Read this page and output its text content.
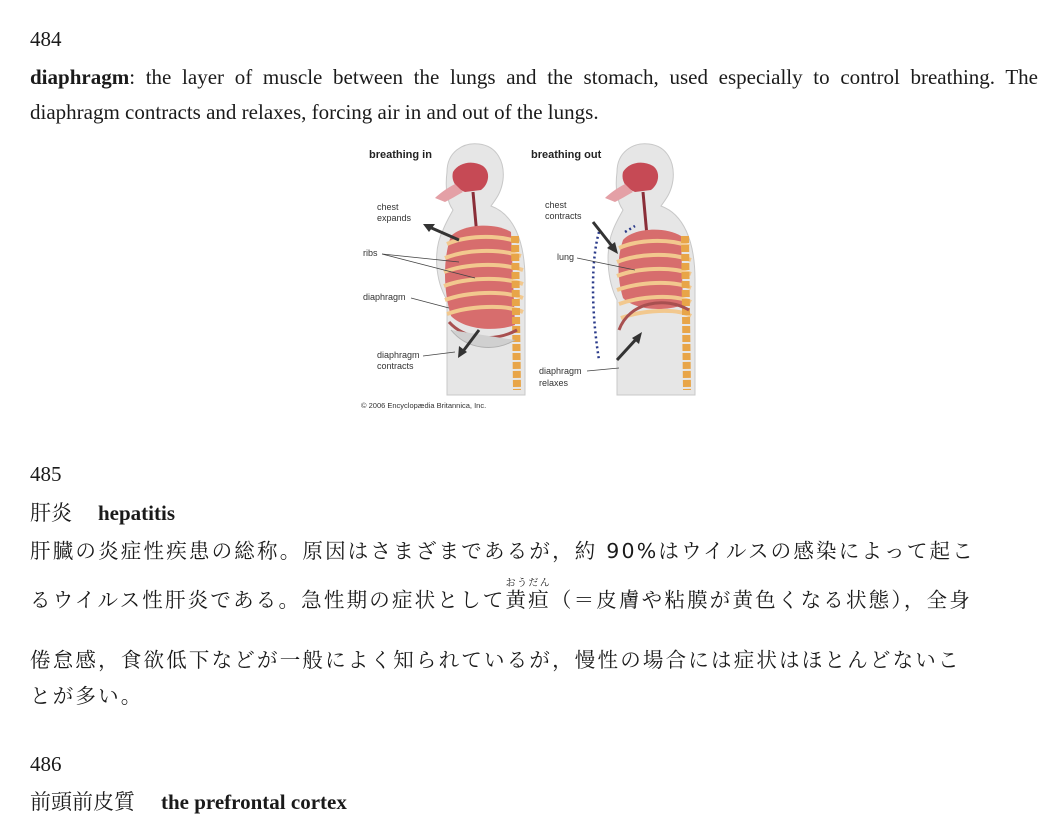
484
diaphragm: the layer of muscle between the lungs and the stomach, used especially to control breathing. The diaphragm contracts and relaxes, forcing air in and out of the lungs.
breathing in	breathing out
chest
expands
ribs
diaphragm
diaphragm
contracts
chest
contracts
lung
diaphragm
relaxes
© 2006 Encyclopædia Britannica, Inc.
485
肝炎 hepatitis
肝臓の炎症性疾患の総称。原因はさまざまであるが，約 90%はウイルスの感染によって起こ
るウイルス性肝炎である。急性期の症状として黄疸おうだん（＝皮膚や粘膜が黄色くなる状態），全身
倦怠感，食欲低下などが一般によく知られているが，慢性の場合には症状はほとんどないこ
とが多い。
486
前頭前皮質 the prefrontal cortex
